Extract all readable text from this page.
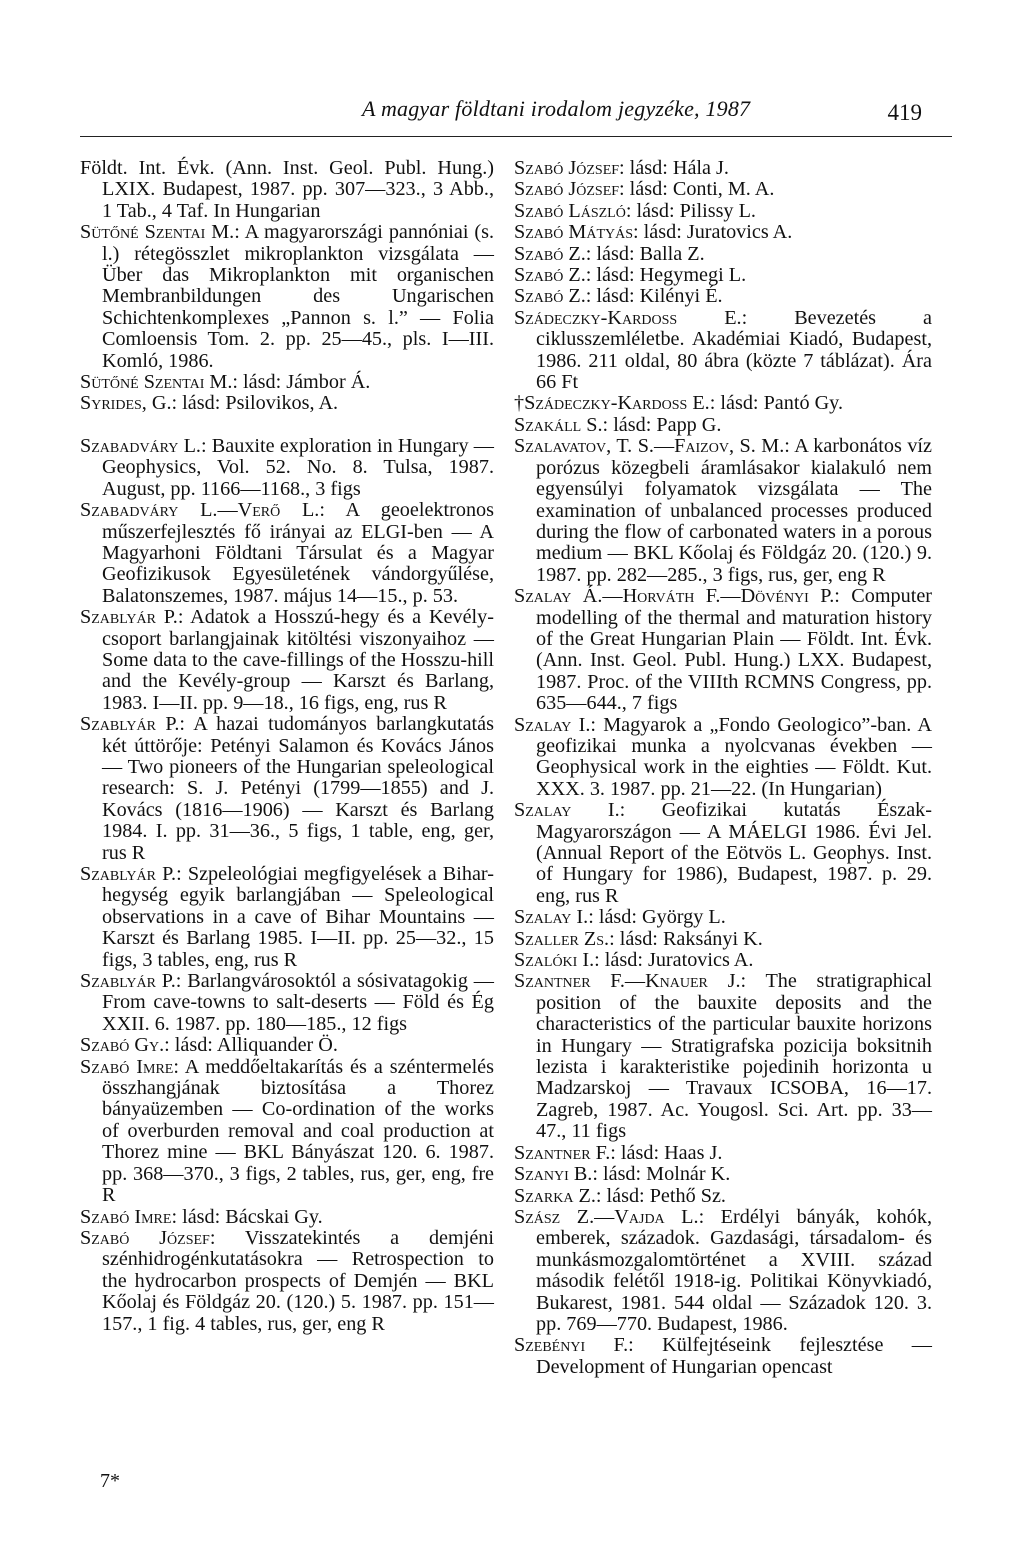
A magyar földtani irodalom jegyzéke, 1987	419

Földt. Int. Évk. (Ann. Inst. Geol. Publ. Hung.) LXIX. Budapest, 1987. pp. 307—323., 3 Abb., 1 Tab., 4 Taf. In Hungarian

Sütőné Szentai M.: A magyarországi pannóniai (s. l.) rétegösszlet mikroplankton vizsgálata — Über das Mikroplankton mit organischen Membranbildungen des Ungarischen Schichtenkomplexes „Pannon s. l.” — Folia Comloensis Tom. 2. pp. 25—45., pls. I—III. Komló, 1986.

Sütőné Szentai M.: lásd: Jámbor Á.

Syrides, G.: lásd: Psilovikos, A.

Szabadváry L.: Bauxite exploration in Hungary — Geophysics, Vol. 52. No. 8. Tulsa, 1987. August, pp. 1166—1168., 3 figs

Szabadváry L.—Verő L.: A geoelektronos műszerfejlesztés fő irányai az ELGI-ben — A Magyarhoni Földtani Társulat és a Magyar Geofizikusok Egyesületének vándorgyűlése, Balatonszemes, 1987. május 14—15., p. 53.

Szablyár P.: Adatok a Hosszú-hegy és a Kevély-csoport barlangjainak kitöltési viszonyaihoz — Some data to the cave-fillings of the Hosszu-hill and the Kevély-group — Karszt és Barlang, 1983. I—II. pp. 9—18., 16 figs, eng, rus R

Szablyár P.: A hazai tudományos barlangkutatás két úttörője: Petényi Salamon és Kovács János — Two pioneers of the Hungarian speleological research: S. J. Petényi (1799—1855) and J. Kovács (1816—1906) — Karszt és Barlang 1984. I. pp. 31—36., 5 figs, 1 table, eng, ger, rus R

Szablyár P.: Szpeleológiai megfigyelések a Bihar-hegység egyik barlangjában — Speleological observations in a cave of Bihar Mountains — Karszt és Barlang 1985. I—II. pp. 25—32., 15 figs, 3 tables, eng, rus R

Szablyár P.: Barlangvárosoktól a sósivatagokig — From cave-towns to salt-deserts — Föld és Ég XXII. 6. 1987. pp. 180—185., 12 figs

Szabó Gy.: lásd: Alliquander Ö.

Szabó Imre: A meddőeltakarítás és a széntermelés összhangjának biztosítása a Thorez bányaüzemben — Co-ordination of the works of overburden removal and coal production at Thorez mine — BKL Bányászat 120. 6. 1987. pp. 368—370., 3 figs, 2 tables, rus, ger, eng, fre R

Szabó Imre: lásd: Bácskai Gy.

Szabó József: Visszatekintés a demjéni szénhidrogénkutatásokra — Retrospection to the hydrocarbon prospects of Demjén — BKL Kőolaj és Földgáz 20. (120.) 5. 1987. pp. 151—157., 1 fig. 4 tables, rus, ger, eng R

Szabó József: lásd: Hála J.

Szabó József: lásd: Conti, M. A.

Szabó László: lásd: Pilissy L.

Szabó Mátyás: lásd: Juratovics A.

Szabó Z.: lásd: Balla Z.

Szabó Z.: lásd: Hegymegi L.

Szabó Z.: lásd: Kilényi É.

Szádeczky-Kardoss E.: Bevezetés a ciklusszemléletbe. Akadémiai Kiadó, Budapest, 1986. 211 oldal, 80 ábra (közte 7 táblázat). Ára 66 Ft

†Szádeczky-Kardoss E.: lásd: Pantó Gy.

Szakáll S.: lásd: Papp G.

Szalavatov, T. S.—Faizov, S. M.: A karbonátos víz porózus közegbeli áramlásakor kialakuló nem egyensúlyi folyamatok vizsgálata — The examination of unbalanced processes produced during the flow of carbonated waters in a porous medium — BKL Kőolaj és Földgáz 20. (120.) 9. 1987. pp. 282—285., 3 figs, rus, ger, eng R

Szalay Á.—Horváth F.—Dövényi P.: Computer modelling of the thermal and maturation history of the Great Hungarian Plain — Földt. Int. Évk. (Ann. Inst. Geol. Publ. Hung.) LXX. Budapest, 1987. Proc. of the VIIIth RCMNS Congress, pp. 635—644., 7 figs

Szalay I.: Magyarok a „Fondo Geologico”-ban. A geofizikai munka a nyolcvanas években — Geophysical work in the eighties — Földt. Kut. XXX. 3. 1987. pp. 21—22. (In Hungarian)

Szalay I.: Geofizikai kutatás Észak-Magyarországon — A MÁELGI 1986. Évi Jel. (Annual Report of the Eötvös L. Geophys. Inst. of Hungary for 1986), Budapest, 1987. p. 29. eng, rus R

Szalay I.: lásd: György L.

Szaller Zs.: lásd: Raksányi K.

Szalóki I.: lásd: Juratovics A.

Szantner F.—Knauer J.: The stratigraphical position of the bauxite deposits and the characteristics of the particular bauxite horizons in Hungary — Stratigrafska pozicija boksitnih lezista i karakteristike pojedinih horizonta u Madzarskoj — Travaux ICSOBA, 16—17. Zagreb, 1987. Ac. Yougosl. Sci. Art. pp. 33—47., 11 figs

Szantner F.: lásd: Haas J.

Szanyi B.: lásd: Molnár K.

Szarka Z.: lásd: Pethő Sz.

Szász Z.—Vajda L.: Erdélyi bányák, kohók, emberek, századok. Gazdasági, társadalom- és munkásmozgalomtörténet a XVIII. század második felétől 1918-ig. Politikai Könyvkiadó, Bukarest, 1981. 544 oldal — Századok 120. 3. pp. 769—770. Budapest, 1986.

Szebényi F.: Külfejtéseink fejlesztése — Development of Hungarian opencast

7*
